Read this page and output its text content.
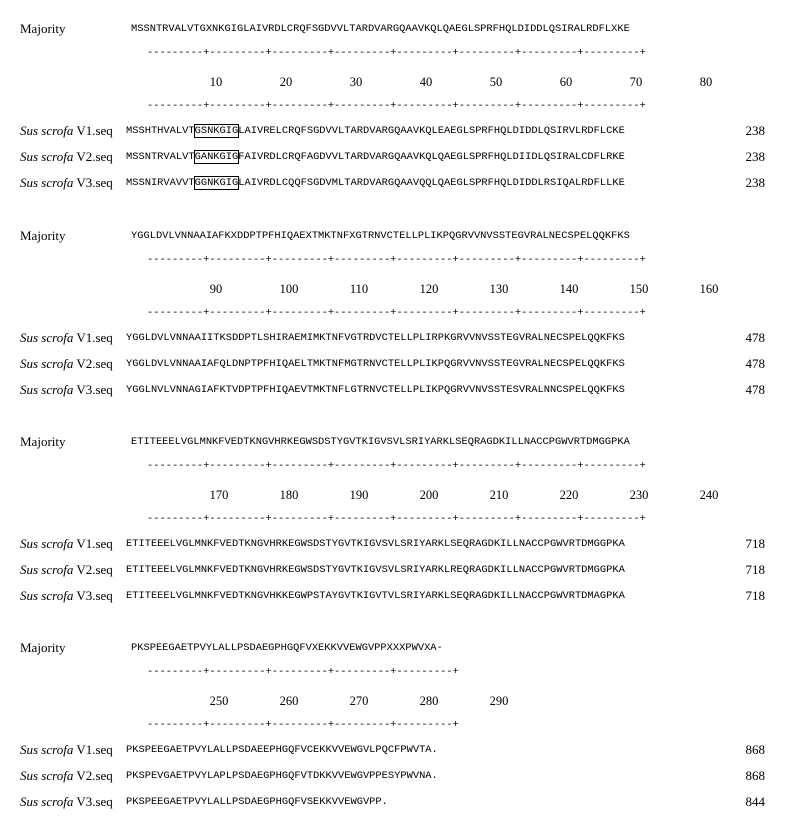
Majority	MSSNTRVALVTGXNKGIGLAIVRDLCRQFSGDVVLTARDVARGQAAVKQLQAEGLSPRFHQLDIDDLQSIRALRDFLXKE
---------+---------+---------+---------+---------+---------+---------+---------+
10	20	30	40	50	60	70	80
---------+---------+---------+---------+---------+---------+---------+---------+
Sus scrofa V1.seq MSSHTHVALVTGSNKGIGLAIVRELCRQFSGDVVLTARDVARGQAAVKQLEAEGLSPRFHQLDIDDLQSIRVLRDFLCKE	238
Sus scrofa V2.seq MSSNTRVALVTGANKGIGFAIVRDLCRQFAGDVVLTARDVARGQAAVKQLQAEGLSPRFHQLDIIDLQSIRALCDFLRKE	238
Sus scrofa V3.seq MSSNIRVAVVTGGNKGIGLAIVRDLCQQFSGDVMLTARDVARGQAAVQQLQAEGLSPRFHQLDIDDLRSIQALRDFLLKE	238
Majority	YGGLDVLVNNAAIAFKXDDPTPFHIQAEXTMKTNFXGTRNVCTELLPLIKPQGRVVNVSSTEGVRALNECSPELQQKFKS
---------+---------+---------+---------+---------+---------+---------+---------+
90	100	110	120	130	140	150	160
---------+---------+---------+---------+---------+---------+---------+---------+
Sus scrofa V1.seq YGGLDVLVNNAAIITKSDDPTLSHIRAEMIMKTNFVGTRDVCTELLPLIRPKGRVVNVSSTEGVRALNECSPELQQKFKS	478
Sus scrofa V2.seq YGGLDVLVNNAAIAFQLDNPTPFHIQAELTMKTNFMGTRNVCTELLPLIKPQGRVVNVSSTEGVRALNECSPELQQKFKS	478
Sus scrofa V3.seq YGGLNVLVNNAGIAFKTVDPTPFHIQAEVTMKTNFLGTRNVCTELLPLIKPQGRVVNVSSTESVRALNNCSPELQQKFKS	478
Majority	ETITEEELVGLMNKFVEDTKNGVHRKEGWSDSTYGVTKIGVSVLSRIYARKLSEQRAGDKILLNACCPGWVRTDMGGPKA
---------+---------+---------+---------+---------+---------+---------+---------+
170	180	190	200	210	220	230	240
---------+---------+---------+---------+---------+---------+---------+---------+
Sus scrofa V1.seq ETITEEELVGLMNKFVEDTKNGVHRKEGWSDSTYGVTKIGVSVLSRIYARKLSEQRAGDKILLNACCPGWVRTDMGGPKA	718
Sus scrofa V2.seq ETITEEELVGLMNKFVEDTKNGVHRKEGWSDSTYGVTKIGVSVLSRIYARKLREQRAGDKILLNACCPGWVRTDMGGPKA	718
Sus scrofa V3.seq ETITEEELVGLMNKFVEDTKNGVHKKEGWPSTAYGVTKIGVTVLSRIYARKLSEQRAGDKILLNACCPGWVRTDMAGPKA	718
Majority	PKSPEEGAETPVYLALLPSDAEGPHGQFVXEKKVVEWGVPPXXXPWVXA-
---------+---------+---------+---------+---------+
250	260	270	280	290
---------+---------+---------+---------+---------+
Sus scrofa V1.seq PKSPEEGAETPVYLALLPSDAEEPHGQFVCEKKVVEWGVLPQCFPWVTA.	868
Sus scrofa V2.seq PKSPEVGAETPVYLAPLPSDAEGPHGQFVTDKKVVEWGVPPESYPWVNA.	868
Sus scrofa V3.seq PKSPEEGAETPVYLALLPSDAEGPHGQFVSEKKVVEWGVPP.	844
